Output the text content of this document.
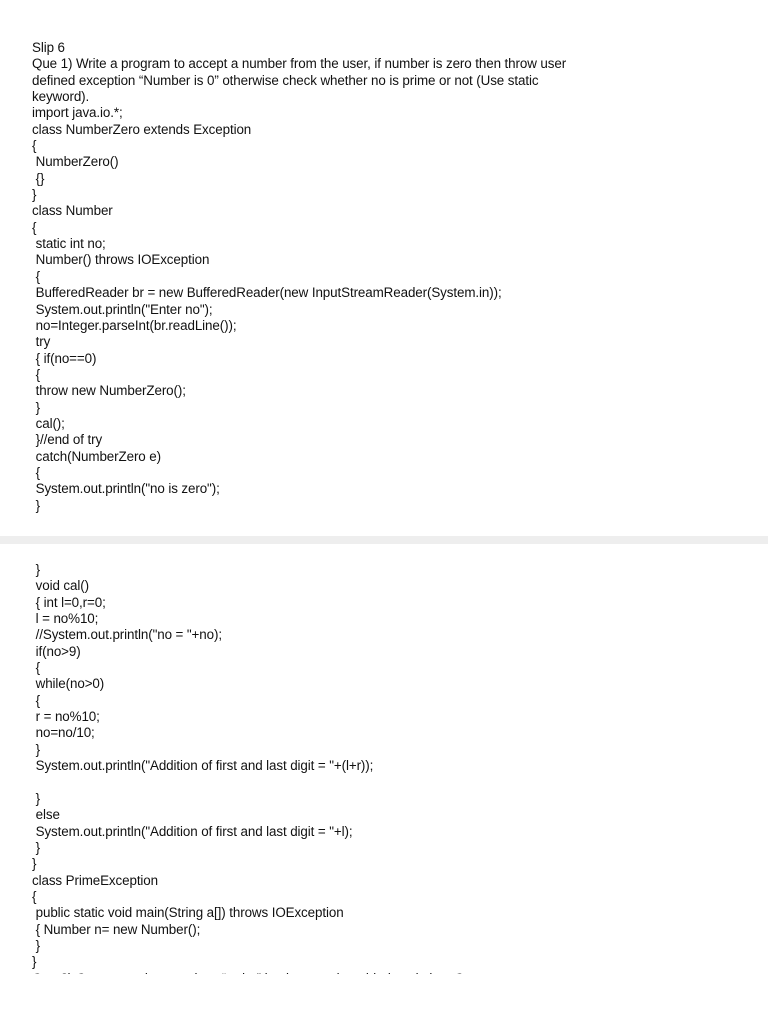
Slip 6
Que 1) Write a program to accept a number from the user, if number is zero then throw user
defined exception “Number is 0” otherwise check whether no is prime or not (Use static
keyword).
import java.io.*;
class NumberZero extends Exception
{
NumberZero()
{}
}
class Number
{
static int no;
Number() throws IOException
{
BufferedReader br = new BufferedReader(new InputStreamReader(System.in));
System.out.println("Enter no");
no=Integer.parseInt(br.readLine());
try
{ if(no==0)
{
throw new NumberZero();
}
cal();
}//end of try
catch(NumberZero e)
{
System.out.println("no is zero");
}
}
void cal()
{ int l=0,r=0;
l = no%10;
//System.out.println("no = "+no);
if(no>9)
{
while(no>0)
{
r = no%10;
no=no/10;
}
System.out.println("Addition of first and last digit = "+(l+r));
}
else
System.out.println("Addition of first and last digit = "+l);
}
}
class PrimeException
{
public static void main(String a[]) throws IOException
{ Number n= new Number();
}
}
